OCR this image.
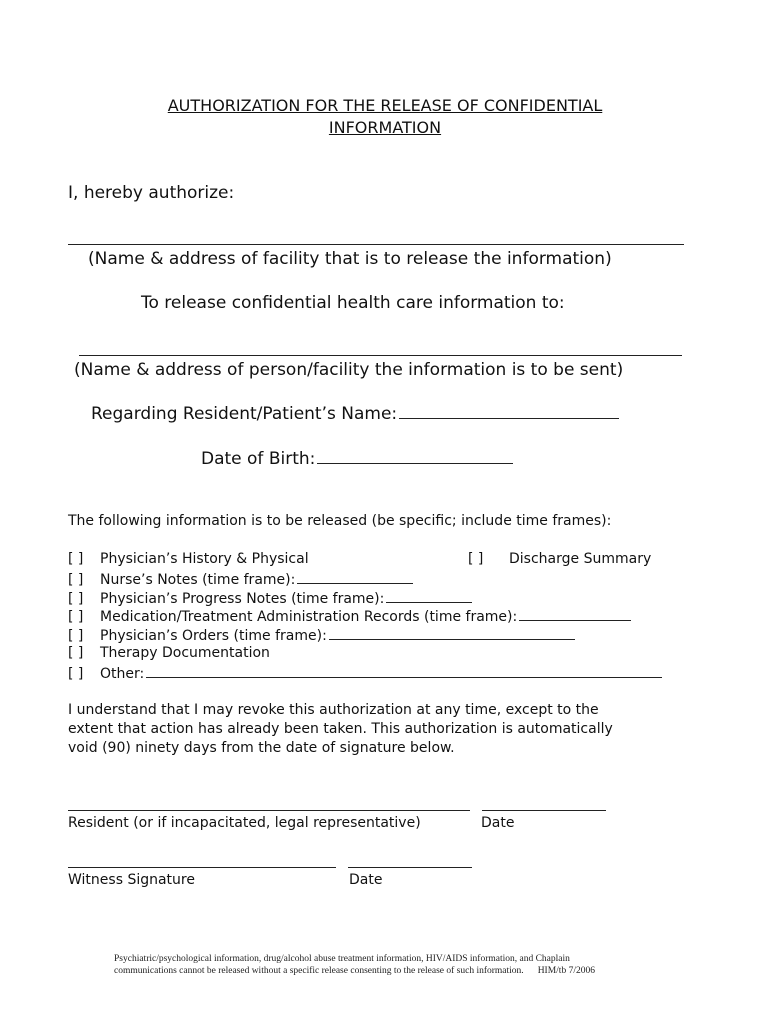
AUTHORIZATION FOR THE RELEASE OF CONFIDENTIAL
INFORMATION
I, hereby authorize:
(Name & address of facility that is to release the information)
To release confidential health care information to:
(Name & address of person/facility the information is to be sent)
Regarding Resident/Patient’s Name:
Date of Birth:
The following information is to be released (be specific; include time frames):
[ ] Physician’s History & Physical	[ ] Discharge Summary
[ ] Nurse’s Notes (time frame):
[ ] Physician’s Progress Notes (time frame):
[ ] Medication/Treatment Administration Records (time frame):
[ ] Physician’s Orders (time frame):
[ ] Therapy Documentation
[ ] Other:
I understand that I may revoke this authorization at any time, except to the
extent that action has already been taken. This authorization is automatically
void (90) ninety days from the date of signature below.
Resident (or if incapacitated, legal representative)	Date
Witness Signature	Date
Psychiatric/psychological information, drug/alcohol abuse treatment information, HIV/AIDS information, and Chaplain
communications cannot be released without a specific release consenting to the release of such information. HIM/tb 7/2006
